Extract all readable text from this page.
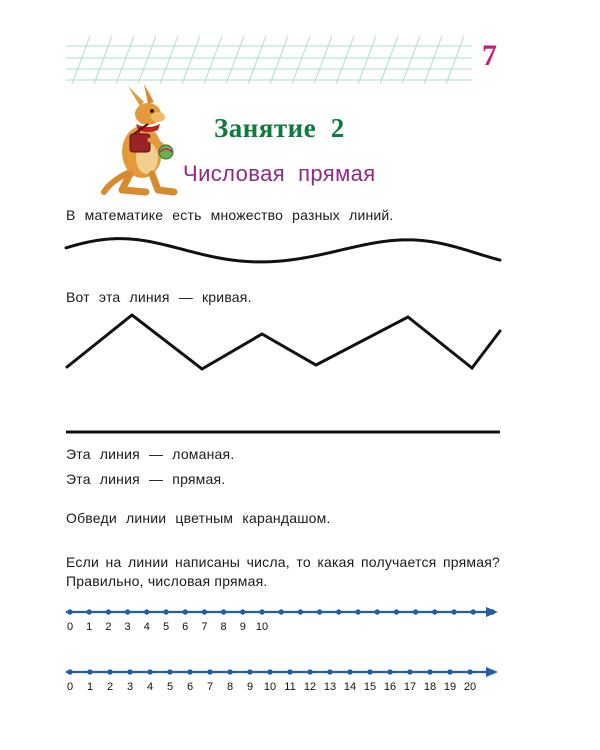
7
Занятие  2
Числовая  прямая
В математике есть множество разных линий.
Вот эта линия — кривая.
Эта линия — ломаная.
Эта линия — прямая.
Обведи линии цветным карандашом.
Если на линии написаны числа, то какая получается прямая? Правильно, числовая прямая.
0 1 2 3 4 5 6 7 8 9 10
0 1 2 3 4 5 6 7 8 9 10 11 12 13 14 15 16 17 18 19 20
